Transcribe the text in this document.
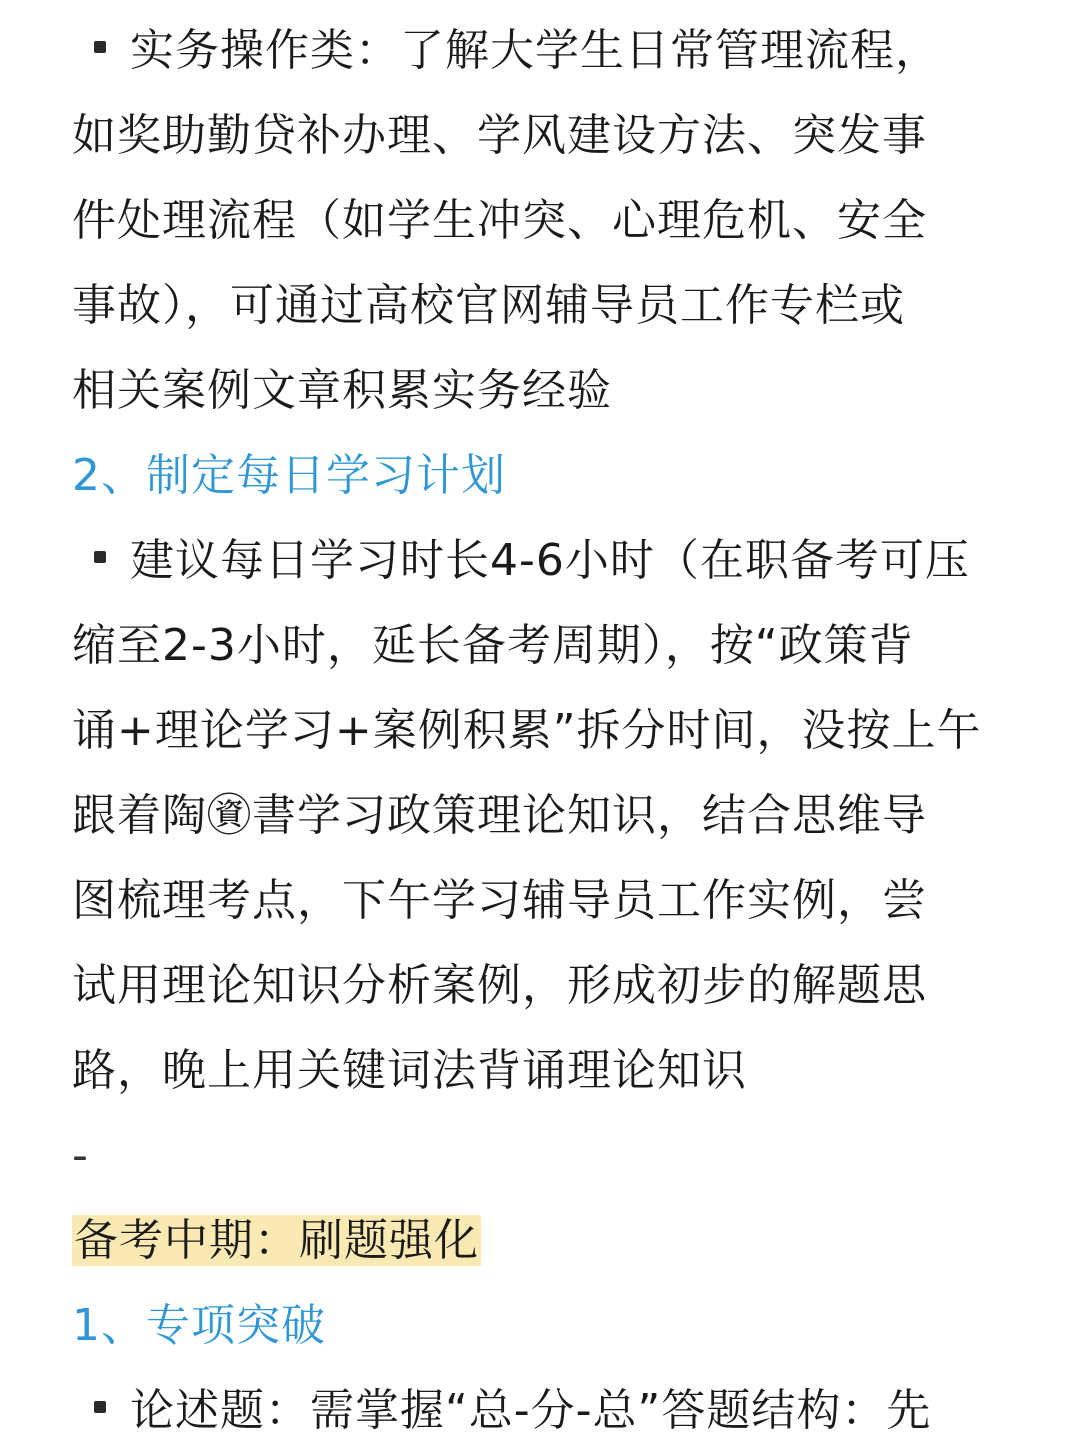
实务操作类：了解大学生日常管理流程，
如奖助勤贷补办理、学风建设方法、突发事
件处理流程（如学生冲突、心理危机、安全
事故），可通过高校官网辅导员工作专栏或
相关案例文章积累实务经验
2、制定每日学习计划
建议每日学习时长4-6小时（在职备考可压
缩至2-3小时，延长备考周期），按“政策背
诵+理论学习+案例积累”拆分时间，没按上午
跟着陶㊮書学习政策理论知识，结合思维导
图梳理考点，下午学习辅导员工作实例，尝
试用理论知识分析案例，形成初步的解题思
路，晚上用关键词法背诵理论知识
-
备考中期：刷题强化
1、专项突破
论述题：需掌握“总-分-总”答题结构：先
